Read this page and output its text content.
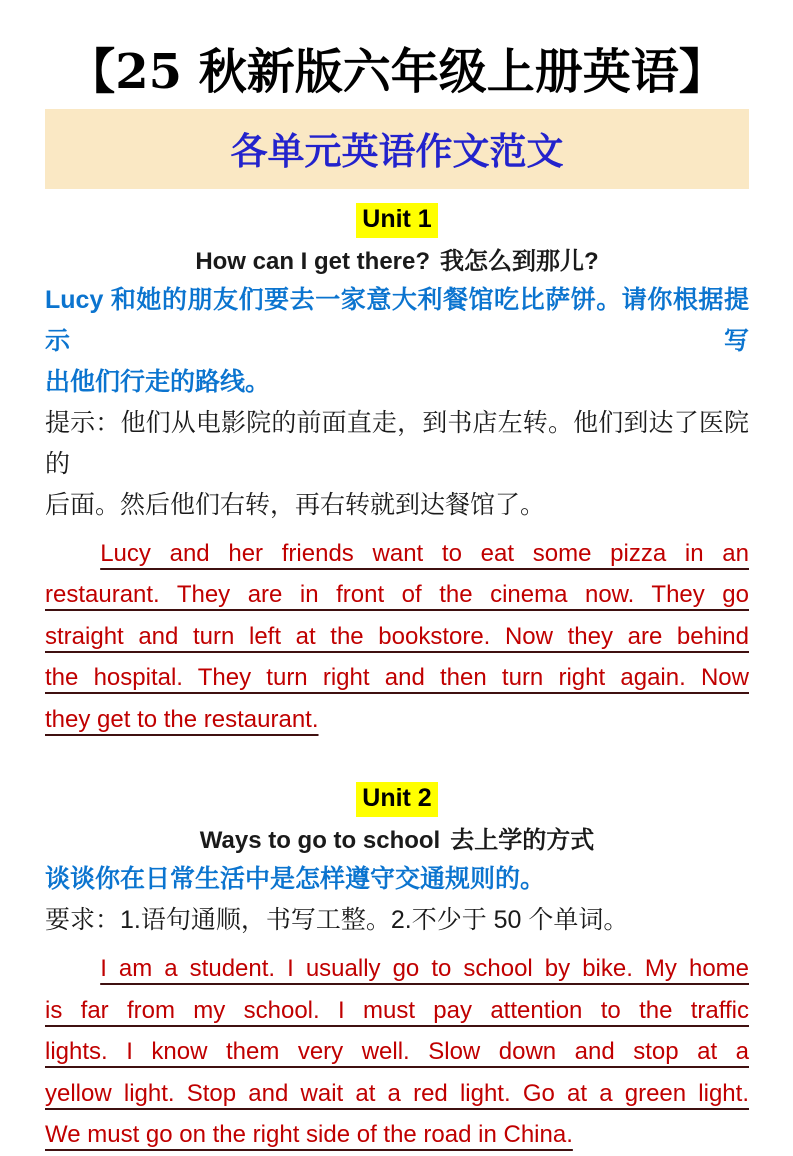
【25 秋新版六年级上册英语】
各单元英语作文范文
Unit 1
How can I get there? 我怎么到那儿?
Lucy 和她的朋友们要去一家意大利餐馆吃比萨饼。请你根据提示写
出他们行走的路线。
提示：他们从电影院的前面直走，到书店左转。他们到达了医院的
后面。然后他们右转，再右转就到达餐馆了。
Lucy and her friends want to eat some pizza in an
restaurant. They are in front of the cinema now. They go
straight and turn left at the bookstore. Now they are behind
the hospital. They turn right and then turn right again. Now
they get to the restaurant.
Unit 2
Ways to go to school 去上学的方式
谈谈你在日常生活中是怎样遵守交通规则的。
要求：1.语句通顺，书写工整。2.不少于 50 个单词。
I am a student. I usually go to school by bike. My home
is far from my school. I must pay attention to the traffic
lights. I know them very well. Slow down and stop at a
yellow light. Stop and wait at a red light. Go at a green light.
We must go on the right side of the road in China.
